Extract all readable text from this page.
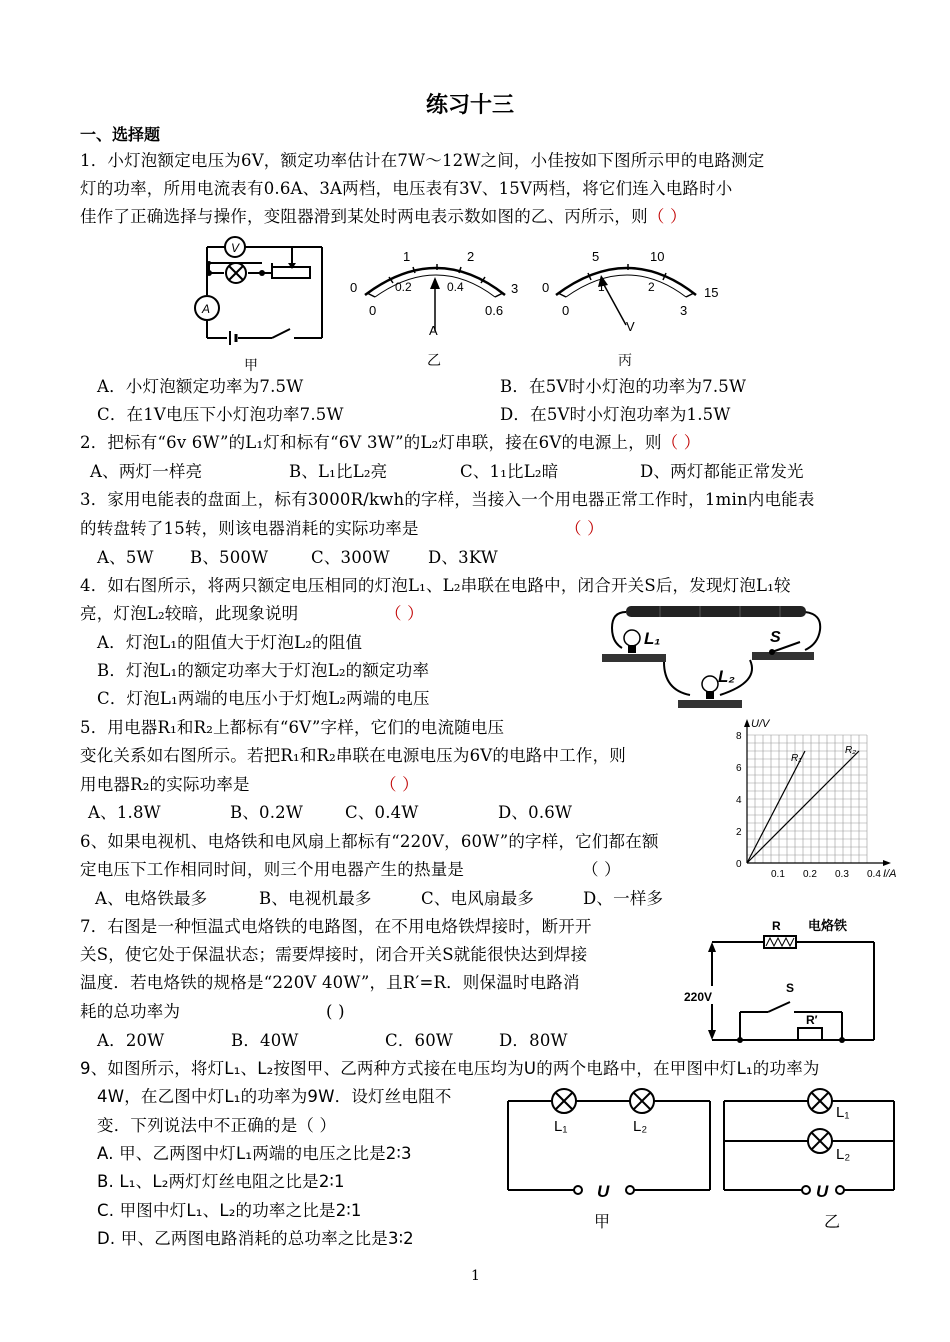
练习十三
一、选择题
1．小灯泡额定电压为6V，额定功率估计在7W～12W之间，小佳按如下图所示甲的电路测定
灯的功率，所用电流表有0.6A、3A两档，电压表有3V、15V两档，将它们连入电路时小
佳作了正确选择与操作，变阻器滑到某处时两电表示数如图的乙、丙所示，则（ ）
V
A
甲
0
1	2
3
0.2	0.4
0	0.6
A
乙
0
5	10
15
1	2
0	3
V
丙
A．小灯泡额定功率为7.5W	B．在5V时小灯泡的功率为7.5W
C．在1V电压下小灯泡功率7.5W	D．在5V时小灯泡功率为1.5W
2．把标有“6v 6W”的L₁灯和标有“6V 3W”的L₂灯串联，接在6V的电源上，则（ ）
A、两灯一样亮	B、L₁比L₂亮	C、1₁比L₂暗	D、两灯都能正常发光
3．家用电能表的盘面上，标有3000R/kwh的字样，当接入一个用电器正常工作时，1min内电能表
的转盘转了15转，则该电器消耗的实际功率是	（ ）
A、5W B、500W	C、300W D、3KW
4．如右图所示，将两只额定电压相同的灯泡L₁、L₂串联在电路中，闭合开关S后，发现灯泡L₁较
亮，灯泡L₂较暗，此现象说明	（ ）
A．灯泡L₁的阻值大于灯泡L₂的阻值
B．灯泡L₁的额定功率大于灯泡L₂的额定功率
C．灯泡L₁两端的电压小于灯炮L₂两端的电压
L₁
L₂
S
5．用电器R₁和R₂上都标有“6V”字样，它们的电流随电压
变化关系如右图所示。若把R₁和R₂串联在电源电压为6V的电路中工作，则
用电器R₂的实际功率是	（ ）
A、1.8W	B、0.2W	C、0.4W	D、0.6W
U/V
I/A
8
6
4
2
0
0.1 0.2 0.3 0.4
R₁
R₂
6、如果电视机、电烙铁和电风扇上都标有“220V，60W”的字样，它们都在额
定电压下工作相同时间，则三个用电器产生的热量是	（ ）
A、电烙铁最多	B、电视机最多	C、电风扇最多	D、一样多
7．右图是一种恒温式电烙铁的电路图，在不用电烙铁焊接时，断开开
关S，使它处于保温状态；需要焊接时，闭合开关S就能很快达到焊接
温度．若电烙铁的规格是“220V 40W”，且R′=R．则保温时电路消
耗的总功率为	( )
A．20W	B．40W	C．60W	D．80W
R 电烙铁
220V
S
R′
9、如图所示，将灯L₁、L₂按图甲、乙两种方式接在电压均为U的两个电路中，在甲图中灯L₁的功率为
4W，在乙图中灯L₁的功率为9W．设灯丝电阻不
变．下列说法中不正确的是（ ）
A. 甲、乙两图中灯L₁两端的电压之比是2∶3
B. L₁、L₂两灯灯丝电阻之比是2∶1
C. 甲图中灯L₁、L₂的功率之比是2∶1
D. 甲、乙两图电路消耗的总功率之比是3∶2
L₁	L₂
U
甲
L₁
L₂
U
乙
1
